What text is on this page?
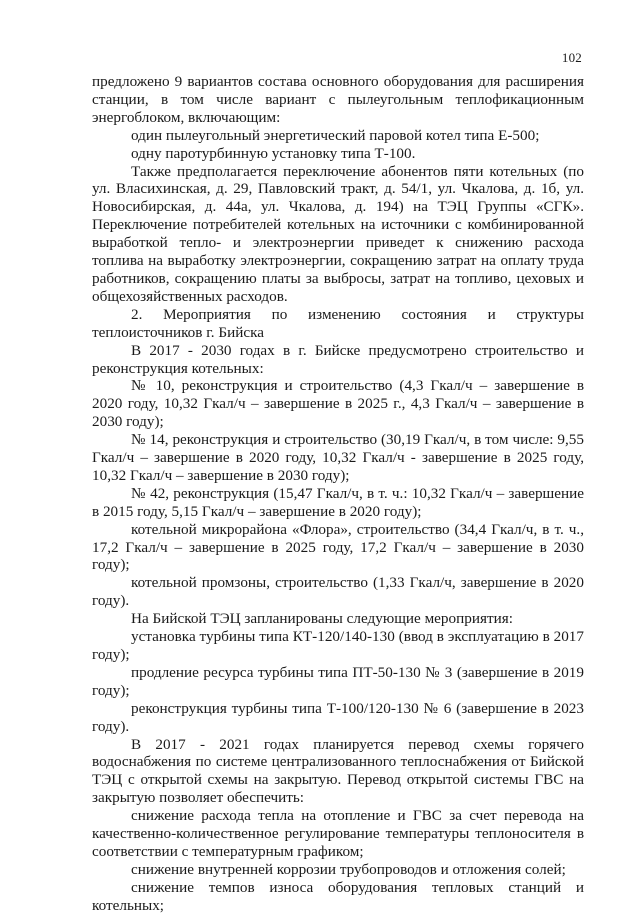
102

предложено 9 вариантов состава основного оборудования для расширения станции, в том числе вариант с пылеугольным теплофикационным энергоблоком, включающим:

один пылеугольный энергетический паровой котел типа Е-500;

одну паротурбинную установку типа Т-100.

Также предполагается переключение абонентов пяти котельных (по ул. Власихинская, д. 29, Павловский тракт, д. 54/1, ул. Чкалова, д. 1б, ул. Новосибирская, д. 44а, ул. Чкалова, д. 194) на ТЭЦ Группы «СГК». Переключение потребителей котельных на источники с комбинированной выработкой тепло- и электроэнергии приведет к снижению расхода топлива на выработку электроэнергии, сокращению затрат на оплату труда работников, сокращению платы за выбросы, затрат на топливо, цеховых и общехозяйственных расходов.

2. Мероприятия по изменению состояния и структуры теплоисточников г. Бийска

В 2017 - 2030 годах в г. Бийске предусмотрено строительство и реконструкция котельных:

№ 10, реконструкция и строительство (4,3 Гкал/ч – завершение в 2020 году, 10,32 Гкал/ч – завершение в 2025 г., 4,3 Гкал/ч – завершение в 2030 году);

№ 14, реконструкция и строительство (30,19 Гкал/ч, в том числе: 9,55 Гкал/ч – завершение в 2020 году, 10,32 Гкал/ч - завершение в 2025 году, 10,32 Гкал/ч – завершение в 2030 году);

№ 42, реконструкция (15,47 Гкал/ч, в т. ч.: 10,32 Гкал/ч – завершение в 2015 году, 5,15 Гкал/ч – завершение в 2020 году);

котельной микрорайона «Флора», строительство (34,4 Гкал/ч, в т. ч., 17,2 Гкал/ч – завершение в 2025 году, 17,2 Гкал/ч – завершение в 2030 году);

котельной промзоны, строительство (1,33 Гкал/ч, завершение в 2020 году).

На Бийской ТЭЦ запланированы следующие мероприятия:

установка турбины типа КТ-120/140-130 (ввод в эксплуатацию в 2017 году);

продление ресурса турбины типа ПТ-50-130 № 3 (завершение в 2019 году);

реконструкция турбины типа Т-100/120-130 № 6 (завершение в 2023 году).

В 2017 - 2021 годах планируется перевод схемы горячего водоснабжения по системе централизованного теплоснабжения от Бийской ТЭЦ с открытой схемы на закрытую. Перевод открытой системы ГВС на закрытую позволяет обеспечить:

снижение расхода тепла на отопление и ГВС за счет перевода на качественно-количественное регулирование температуры теплоносителя в соответствии с температурным графиком;

снижение внутренней коррозии трубопроводов и отложения солей;

снижение темпов износа оборудования тепловых станций и котельных;
